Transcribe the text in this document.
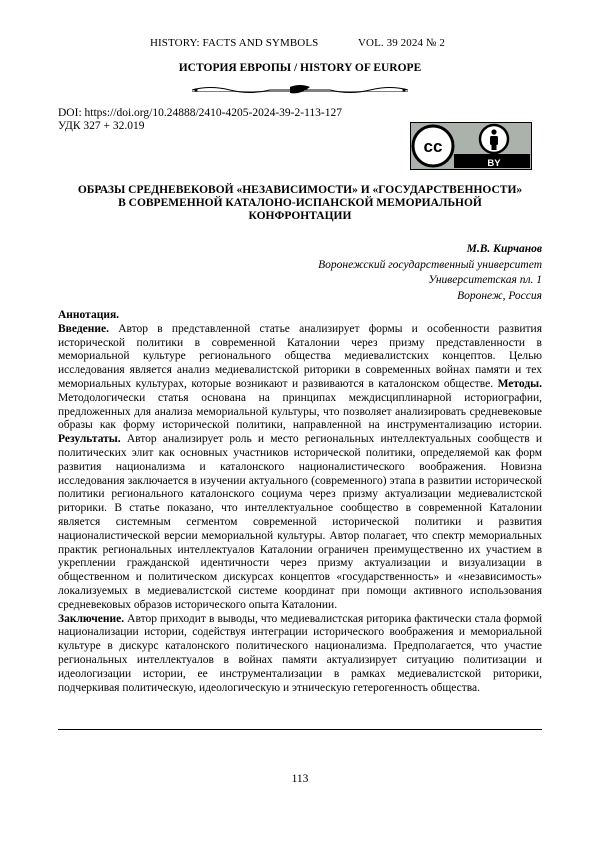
HISTORY: FACTS AND SYMBOLS	VOL. 39 2024 № 2
ИСТОРИЯ ЕВРОПЫ / HISTORY OF EUROPE
DOI: https://doi.org/10.24888/2410-4205-2024-39-2-113-127
УДК 327 + 32.019
cc
BY
ОБРАЗЫ СРЕДНЕВЕКОВОЙ «НЕЗАВИСИМОСТИ» И «ГОСУДАРСТВЕННОСТИ»
В СОВРЕМЕННОЙ КАТАЛОНО-ИСПАНСКОЙ МЕМОРИАЛЬНОЙ
КОНФРОНТАЦИИ
М.В. Кирчанов
Воронежский государственный университет
Университетская пл. 1
Воронеж, Россия
Аннотация.

Введение. Автор в представленной статье анализирует формы и особенности развития исторической политики в современной Каталонии через призму представленности в мемориальной культуре регионального общества медиевалистских концептов. Целью исследования является анализ медиевалистской риторики в современных войнах памяти и тех мемориальных культурах, которые возникают и развиваются в каталонском обществе. Методы. Методологически статья основана на принципах междисциплинарной историографии, предложенных для анализа мемориальной культуры, что позволяет анализировать средневековые образы как форму исторической политики, направленной на инструментализацию истории. Результаты. Автор анализирует роль и место региональных интеллектуальных сообществ и политических элит как основных участников исторической политики, определяемой как форм развития национализма и каталонского националистического воображения. Новизна исследования заключается в изучении актуального (современного) этапа в развитии исторической политики регионального каталонского социума через призму актуализации медиевалистской риторики. В статье показано, что интеллектуальное сообщество в современной Каталонии является системным сегментом современной исторической политики и развития националистической версии мемориальной культуры. Автор полагает, что спектр мемориальных практик региональных интеллектуалов Каталонии ограничен преимущественно их участием в укреплении гражданской идентичности через призму актуализации и визуализации в общественном и политическом дискурсах концептов «государственность» и «независимость» локализуемых в медиевалистской системе координат при помощи активного использования средневековых образов исторического опыта Каталонии.

Заключение. Автор приходит в выводы, что медиевалистская риторика фактически стала формой национализации истории, содействуя интеграции исторического воображения и мемориальной культуре в дискурс каталонского политического национализма. Предполагается, что участие региональных интеллектуалов в войнах памяти актуализирует ситуацию политизации и идеологизации истории, ее инструментализации в рамках медиевалистской риторики, подчеркивая политическую, идеологическую и этническую гетерогенность общества.

113
